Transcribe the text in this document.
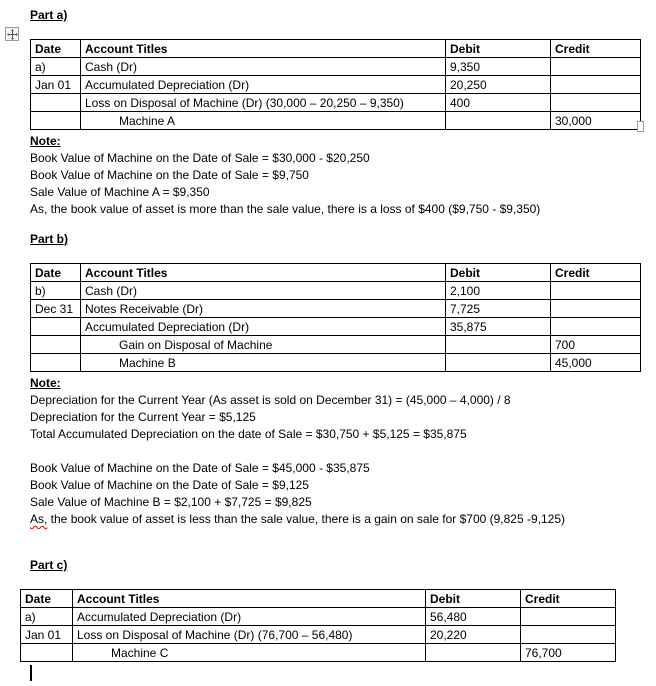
Part a)
Date	Account Titles	Debit	Credit
a)	Cash (Dr)	9,350	
Jan 01	Accumulated Depreciation (Dr)	20,250	
	Loss on Disposal of Machine (Dr) (30,000 – 20,250 – 9,350)	400	
	Machine A		30,000
Note:
Book Value of Machine on the Date of Sale = $30,000 - $20,250
Book Value of Machine on the Date of Sale = $9,750
Sale Value of Machine A = $9,350
As, the book value of asset is more than the sale value, there is a loss of $400 ($9,750 - $9,350)
Part b)
Date	Account Titles	Debit	Credit
b)	Cash (Dr)	2,100	
Dec 31	Notes Receivable (Dr)	7,725	
	Accumulated Depreciation (Dr)	35,875	
	Gain on Disposal of Machine		700
	Machine B		45,000
Note:
Depreciation for the Current Year (As asset is sold on December 31) = (45,000 – 4,000) / 8
Depreciation for the Current Year = $5,125
Total Accumulated Depreciation on the date of Sale = $30,750 + $5,125 = $35,875
Book Value of Machine on the Date of Sale = $45,000 - $35,875
Book Value of Machine on the Date of Sale = $9,125
Sale Value of Machine B = $2,100 + $7,725 = $9,825
As, the book value of asset is less than the sale value, there is a gain on sale for $700 (9,825 -9,125)
Part c)
Date	Account Titles	Debit	Credit
a)	Accumulated Depreciation (Dr)	56,480	
Jan 01	Loss on Disposal of Machine (Dr) (76,700 – 56,480)	20,220	
	Machine C		76,700
